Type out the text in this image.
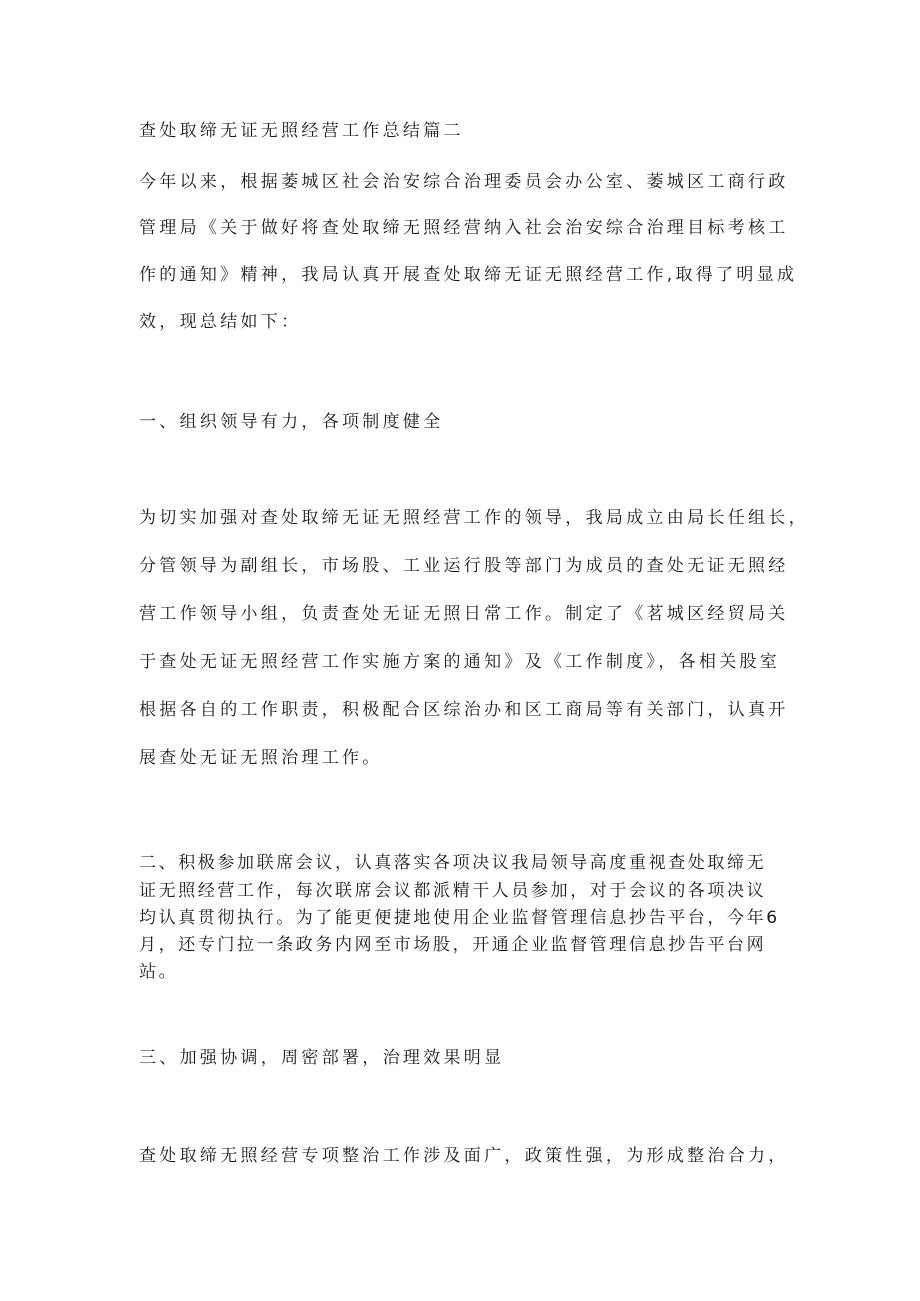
查处取缔无证无照经营工作总结篇二
今年以来，根据萎城区社会治安综合治理委员会办公室、萎城区工商行政
管理局《关于做好将查处取缔无照经营纳入社会治安综合治理目标考核工
作的通知》精神，我局认真开展查处取缔无证无照经营工作,取得了明显成
效，现总结如下：
一、组织领导有力，各项制度健全
为切实加强对查处取缔无证无照经营工作的领导，我局成立由局长任组长，
分管领导为副组长，市场股、工业运行股等部门为成员的查处无证无照经
营工作领导小组，负责查处无证无照日常工作。制定了《茗城区经贸局关
于查处无证无照经营工作实施方案的通知》及《工作制度》，各相关股室
根据各自的工作职责，积极配合区综治办和区工商局等有关部门，认真开
展查处无证无照治理工作。
二、积极参加联席会议，认真落实各项决议我局领导高度重视查处取缔无
证无照经营工作，每次联席会议都派精干人员参加，对于会议的各项决议
均认真贯彻执行。为了能更便捷地使用企业监督管理信息抄告平台，今年6
月，还专门拉一条政务内网至市场股，开通企业监督管理信息抄告平台网
站。
三、加强协调，周密部署，治理效果明显
查处取缔无照经营专项整治工作涉及面广，政策性强，为形成整治合力，
